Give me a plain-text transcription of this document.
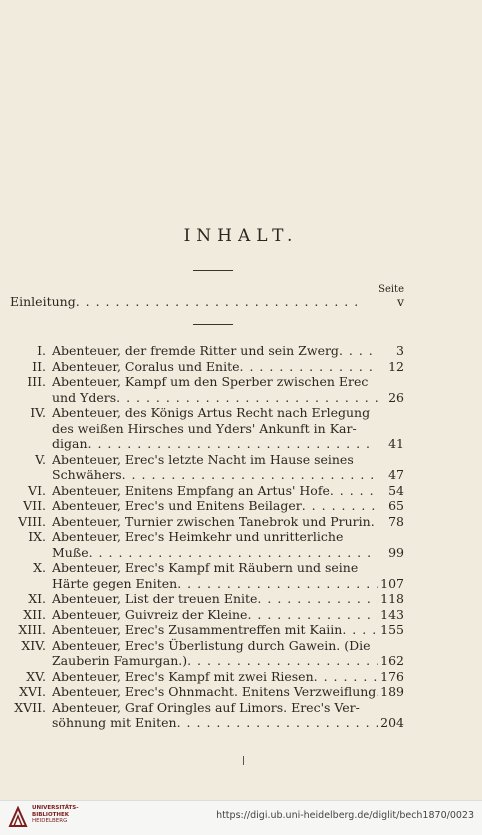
INHALT.
Seite
Einleitung . . .	v
I. Abenteuer, der fremde Ritter und sein Zwerg . . .	3
II. Abenteuer, Coralus und Enite . . .	12
III. Abenteuer, Kampf um den Sperber zwischen Erec
und Yders . . .	26
IV. Abenteuer, des Königs Artus Recht nach Erlegung
des weißen Hirsches und Yders' Ankunft in Kar-
digan . . .	41
V. Abenteuer, Erec's letzte Nacht im Hause seines
Schwähers . . .	47
VI. Abenteuer, Enitens Empfang an Artus' Hofe . . .	54
VII. Abenteuer, Erec's und Enitens Beilager . . .	65
VIII. Abenteuer, Turnier zwischen Tanebrok und Prurin . . .	78
IX. Abenteuer, Erec's Heimkehr und unritterliche
Muße . . .	99
X. Abenteuer, Erec's Kampf mit Räubern und seine
Härte gegen Eniten . . .	107
XI. Abenteuer, List der treuen Enite . . .	118
XII. Abenteuer, Guivreiz der Kleine . . .	143
XIII. Abenteuer, Erec's Zusammentreffen mit Kaiin . . .	155
XIV. Abenteuer, Erec's Überlistung durch Gawein. (Die
Zauberin Famurgan.) . . .	162
XV. Abenteuer, Erec's Kampf mit zwei Riesen . . .	176
XVI. Abenteuer, Erec's Ohnmacht. Enitens Verzweiflung . . . 189
XVII. Abenteuer, Graf Oringles auf Limors. Erec's Ver-
söhnung mit Eniten . . .	204
UNIVERSITÄTS-
BIBLIOTHEK
HEIDELBERG	https://digi.ub.uni-heidelberg.de/diglit/bech1870/0023
